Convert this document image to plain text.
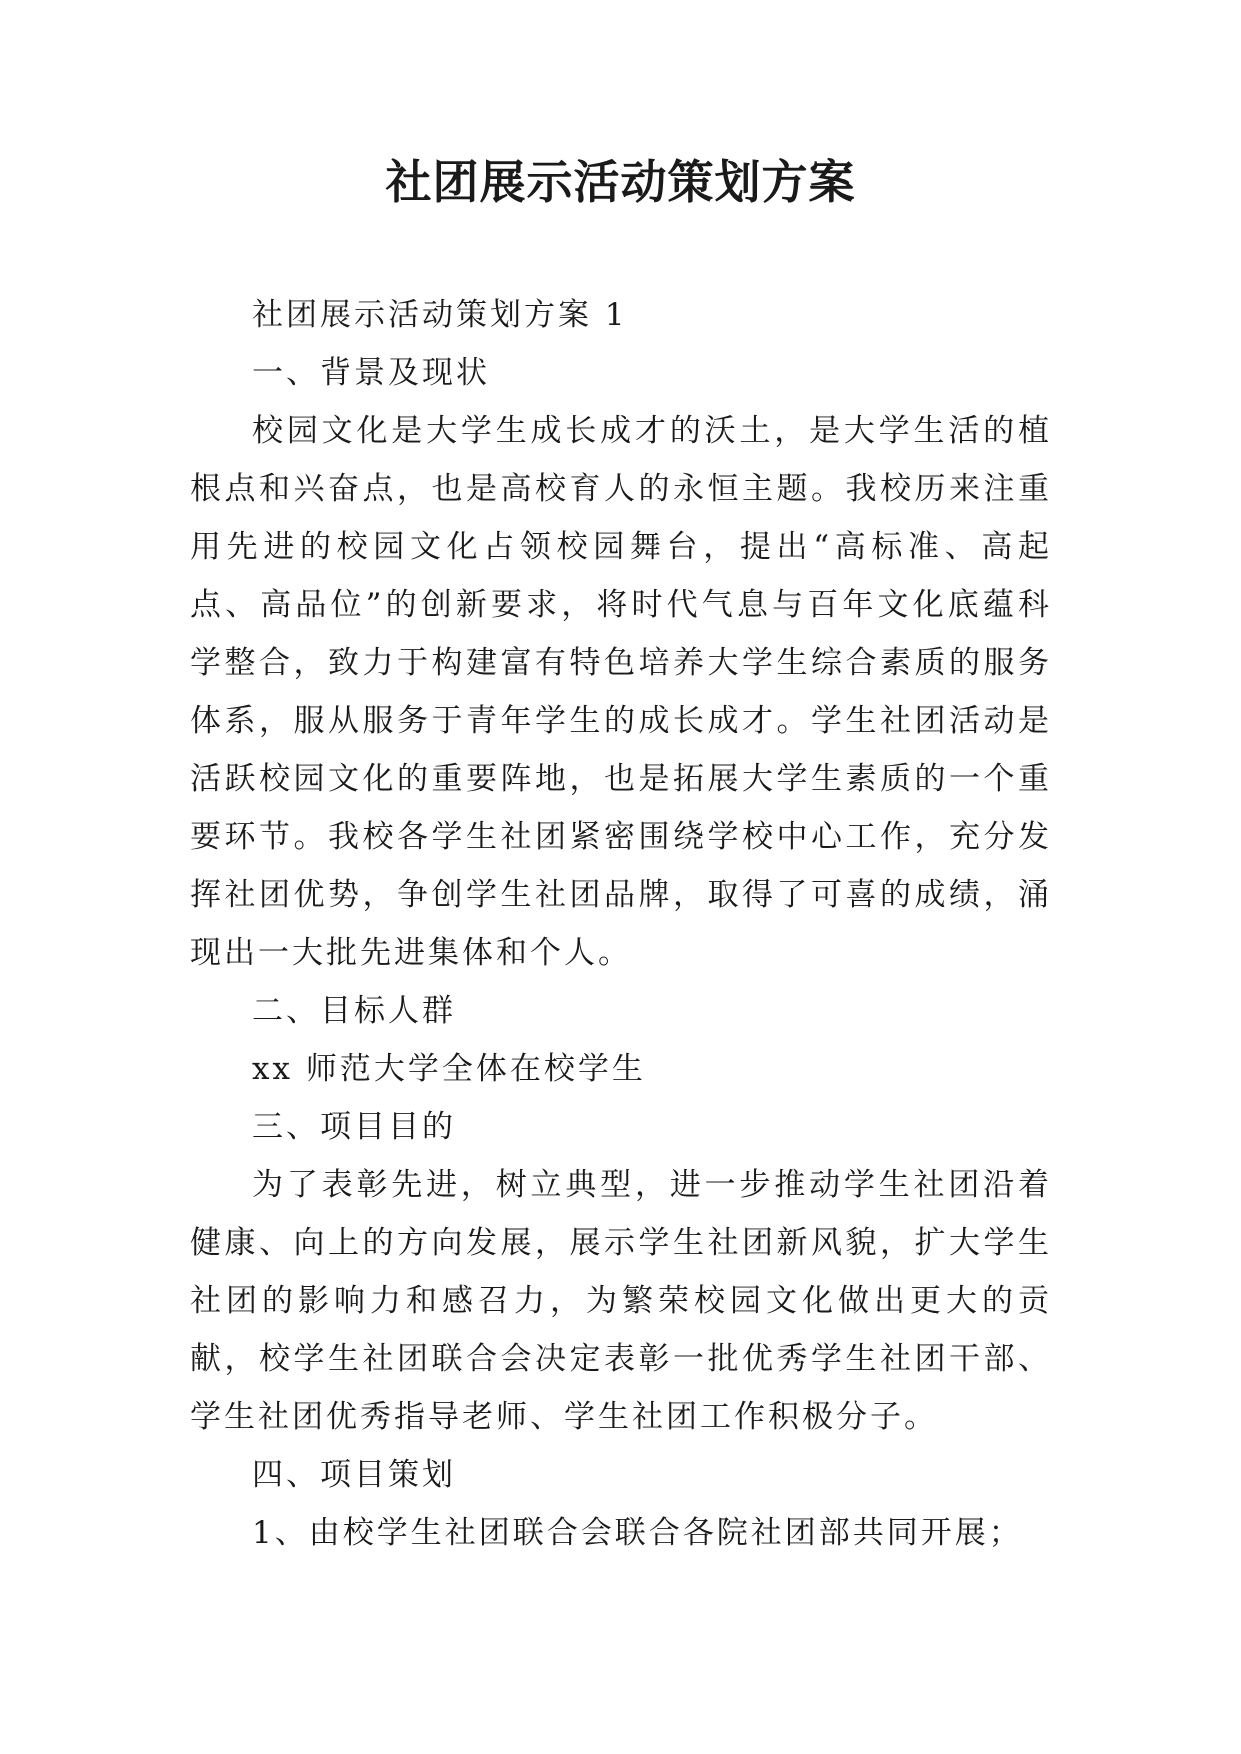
社团展示活动策划方案

社团展示活动策划方案 1

一、背景及现状

校园文化是大学生成长成才的沃土，是大学生活的植根点和兴奋点，也是高校育人的永恒主题。我校历来注重用先进的校园文化占领校园舞台，提出“高标准、高起点、高品位”的创新要求，将时代气息与百年文化底蕴科学整合，致力于构建富有特色培养大学生综合素质的服务体系，服从服务于青年学生的成长成才。学生社团活动是活跃校园文化的重要阵地，也是拓展大学生素质的一个重要环节。我校各学生社团紧密围绕学校中心工作，充分发挥社团优势，争创学生社团品牌，取得了可喜的成绩，涌现出一大批先进集体和个人。

二、目标人群

xx 师范大学全体在校学生

三、项目目的

为了表彰先进，树立典型，进一步推动学生社团沿着健康、向上的方向发展，展示学生社团新风貌，扩大学生社团的影响力和感召力，为繁荣校园文化做出更大的贡献，校学生社团联合会决定表彰一批优秀学生社团干部、学生社团优秀指导老师、学生社团工作积极分子。

四、项目策划

1、由校学生社团联合会联合各院社团部共同开展；
